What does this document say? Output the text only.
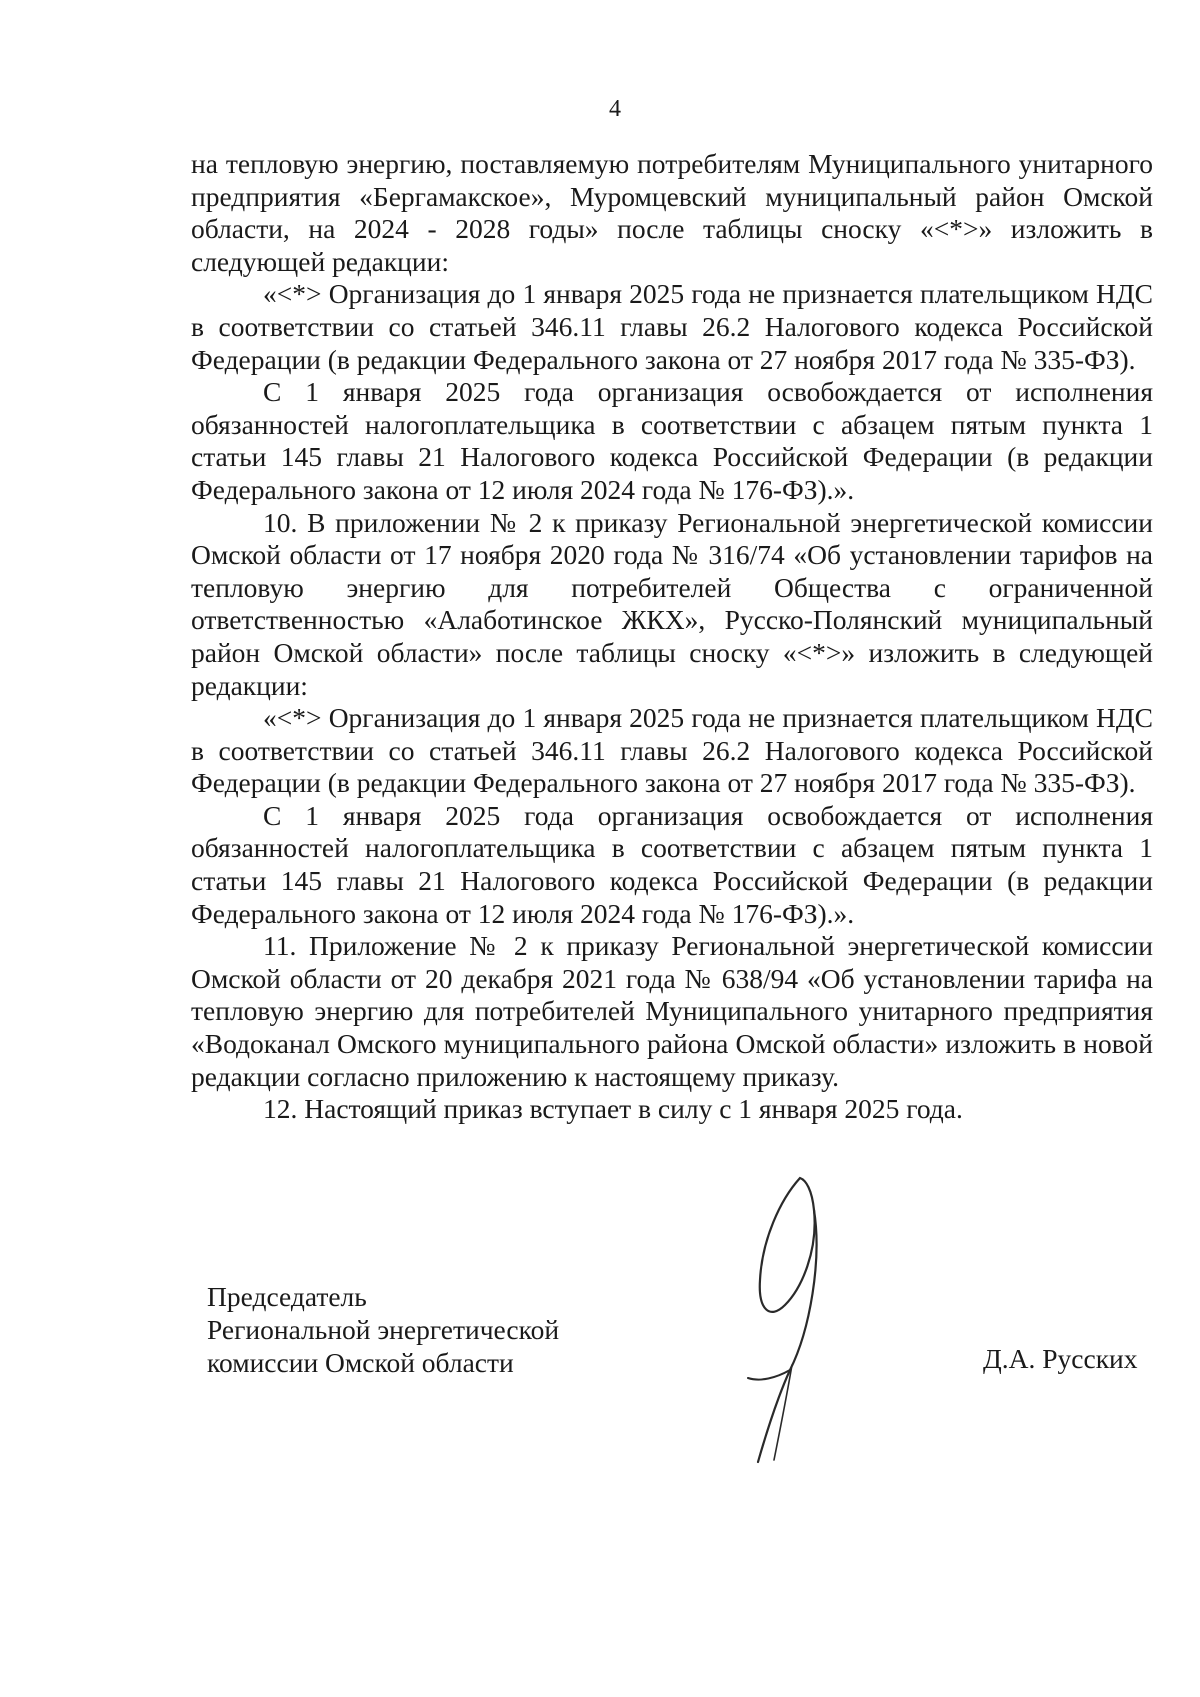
4

на тепловую энергию, поставляемую потребителям Муниципального унитарного предприятия «Бергамакское», Муромцевский муниципальный район Омской области, на 2024 - 2028 годы» после таблицы сноску «<*>» изложить в следующей редакции:

«<*> Организация до 1 января 2025 года не признается плательщиком НДС в соответствии со статьей 346.11 главы 26.2 Налогового кодекса Российской Федерации (в редакции Федерального закона от 27 ноября 2017 года № 335-ФЗ).

С 1 января 2025 года организация освобождается от исполнения обязанностей налогоплательщика в соответствии с абзацем пятым пункта 1 статьи 145 главы 21 Налогового кодекса Российской Федерации (в редакции Федерального закона от 12 июля 2024 года № 176-ФЗ).».

10. В приложении № 2 к приказу Региональной энергетической комиссии Омской области от 17 ноября 2020 года № 316/74 «Об установлении тарифов на тепловую энергию для потребителей Общества с ограниченной ответственностью «Алаботинское ЖКХ», Русско-Полянский муниципальный район Омской области» после таблицы сноску «<*>» изложить в следующей редакции:

«<*> Организация до 1 января 2025 года не признается плательщиком НДС в соответствии со статьей 346.11 главы 26.2 Налогового кодекса Российской Федерации (в редакции Федерального закона от 27 ноября 2017 года № 335-ФЗ).

С 1 января 2025 года организация освобождается от исполнения обязанностей налогоплательщика в соответствии с абзацем пятым пункта 1 статьи 145 главы 21 Налогового кодекса Российской Федерации (в редакции Федерального закона от 12 июля 2024 года № 176-ФЗ).».

11. Приложение № 2 к приказу Региональной энергетической комиссии Омской области от 20 декабря 2021 года № 638/94 «Об установлении тарифа на тепловую энергию для потребителей Муниципального унитарного предприятия «Водоканал Омского муниципального района Омской области» изложить в новой редакции согласно приложению к настоящему приказу.

12. Настоящий приказ вступает в силу с 1 января 2025 года.

Председатель
Региональной энергетической
комиссии Омской области	Д.А. Русских
